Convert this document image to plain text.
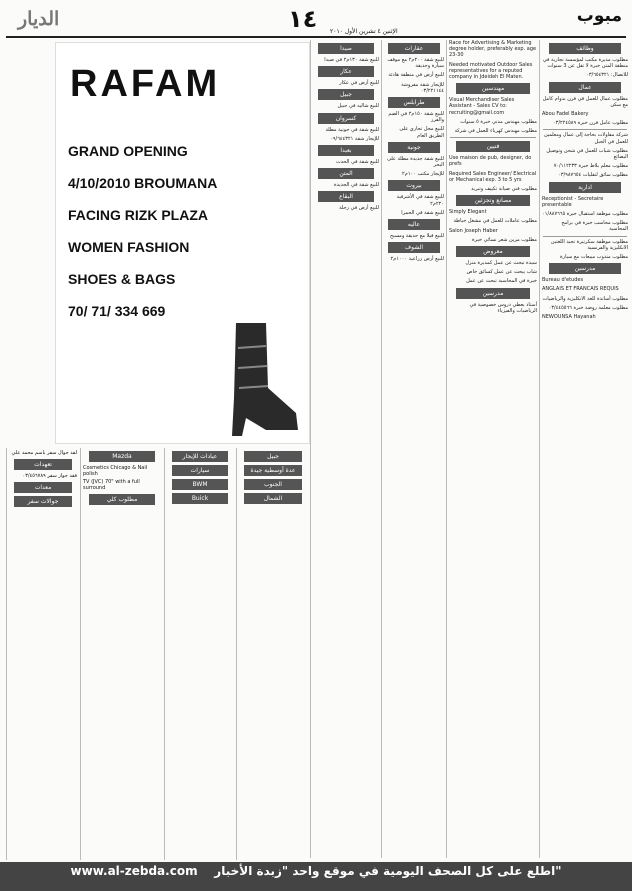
الديار	١٤ الإثنين ٤ تشرين الأول ٢٠١٠
مبوب
وظائف

مطلوب مديرة مكتب لمؤسسة تجارية في منطقة المتن خبرة لا تقل عن 3 سنوات

للاتصال: ٠٣/٦٥٤٣٢١

عمال

مطلوب عمال للعمل في فرن بدوام كامل مع سكن

Abou Fadel Bakery

مطلوب عامل فرن خبرة ٠٣/٢٢٤٥٨٩

شركة مقاولات بحاجة إلى عمال ومعلمين للعمل في الجبل

مطلوب شباب للعمل في شحن وتوصيل البضائع

مطلوب معلم بلاط خبرة ٧٠/١١٢٢٣٣

مطلوب سائق لنقليات ٠٣/٩٨٧٦٥٤

ادارية

Receptionist - Secretaire presentable

مطلوب موظفة استقبال خبرة ٠١/٨٨٧٦٦٥

مطلوب محاسب خبرة في برامج المحاسبة

مطلوب موظفة سكرتيرة تجيد اللغتين الانكليزية والفرنسية

مطلوب مندوب مبيعات مع سيارة

مدرسين

Bureau d'etudes

ANGLAIS ET FRANCAIS REQUIS

مطلوب أساتذة للغة الانكليزية والرياضيات

مطلوب معلمة روضة خبرة ٠٣/٤٤٥٥٦٦

NEWOUNSA Hayanah

Race for Advertising & Marketing degree holder, preferably exp. age 23-30

Needed motivated Outdoor Sales representatives for a reputed company in Jdeideh El Maten.

مهندسين

Visual Merchandiser Sales Assistant - Sales CV to: recruiting@gmail.com

مطلوب مهندس مدني خبرة ٥ سنوات

مطلوب مهندس كهرباء للعمل في شركة

فنيين

Use maison de pub, designer, do prefs

Required Sales Engineer/ Electrical or Mechanical exp. 3 to 5 yrs

مطلوب فني صيانة تكييف وتبريد

مصانع وتجزئين

Simply Elegant

مطلوب عاملات للعمل في مشغل خياطة

Salon Joseph Haber

مطلوب مزين شعر نسائي خبرة

معروض

سيدة تبحث عن عمل كمديرة منزل

شاب يبحث عن عمل كسائق خاص

خبرة في المحاسبة تبحث عن عمل

مدرسين

أستاذ يعطي دروس خصوصية في الرياضيات والفيزياء

عقارات

للبيع شقة ٢٠٠م٢ مع موقف سيارة وحديقة

للبيع أرض في منطقة هادئة

للإيجار شقة مفروشة ٠٣/٢٢١١٤٤

طرابلس

للبيع شقة ١٥٠م٢ في الضم والفرز

للبيع محل تجاري على الطريق العام

جونية

للبيع شقة جديدة مطلة على البحر

للإيجار مكتب ١٠٠م٢

بيروت

للبيع شقة في الأشرفية ٢٢٠م٢

للبيع شقة في الحمرا

عاليه

للبيع فيلا مع حديقة ومسبح

الشوف

للبيع أرض زراعية ١٠٠٠م٢

صيدا

للبيع شقة ١٣٠م٢ في صيدا

عكار

للبيع أرض في عكار

جبيل

للبيع شاليه في جبيل

كسروان

للبيع شقة في جونية مطلة

للإيجار شقة ٠٩/٦٤٤٣٢١

بعبدا

للبيع شقة في الحدث

المتن

للبيع شقة في الجديدة

البقاع

للبيع أرض في زحلة

RAFAM
GRAND OPENING
4/10/2010 BROUMANA
FACING RIZK PLAZA
WOMEN FASHION
SHOES & BAGS
70/ 71/ 334 669

لقد جوال سفر باسم محمد علي

تعهدات

فقد جواز سفر ٠٣/٤٥٦٧٨٩

معدات
جوالات سفر
Mazda

Cosmetics Chicago & Nail polish

TV (JVC) 70" with a full surround

مطلوب كلي
عيادات للإيجار
سيارات
BWM
Buick
جبيل
عدة أوسطية جيدة
الجنوب
الشمال
www.al-zebda.com اطلع على كل الصحف اليومية في موقع واحد "زبدة الأخبار"
